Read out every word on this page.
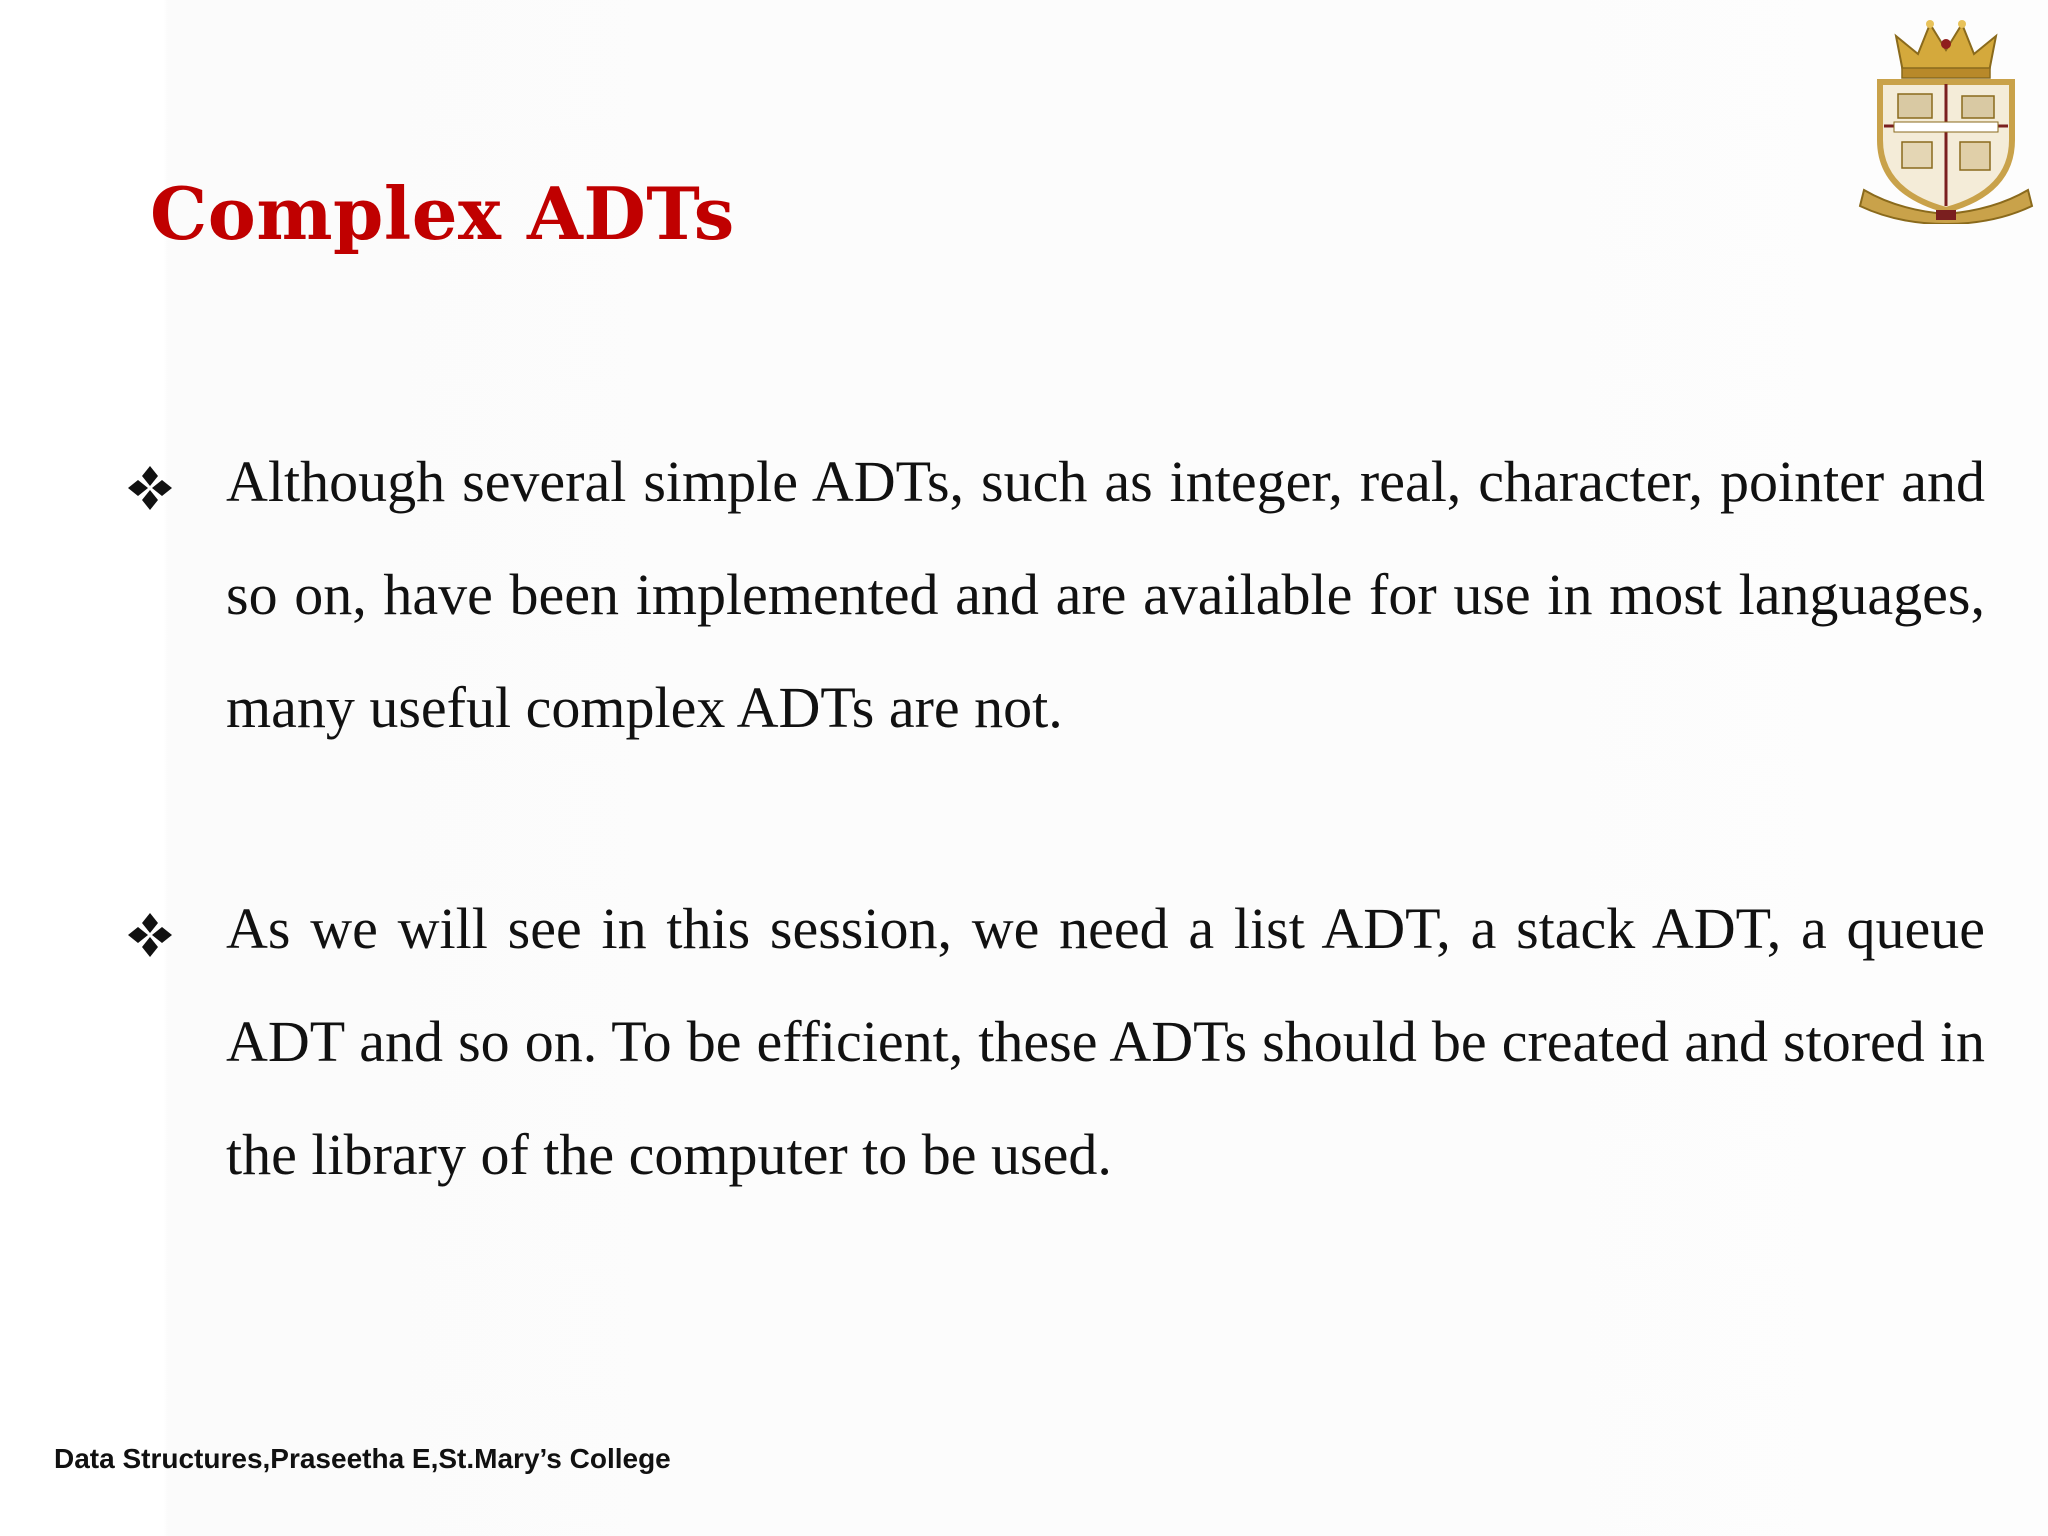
Complex ADTs

Although several simple ADTs, such as integer, real, character, pointer and so on, have been implemented and are available for use in most languages, many useful complex ADTs are not.

As we will see in this session, we need a list ADT, a stack ADT, a queue ADT and so on. To be efficient, these ADTs should be created and stored in the library of the computer to be used.

Data Structures,Praseetha E,St.Mary’s College
